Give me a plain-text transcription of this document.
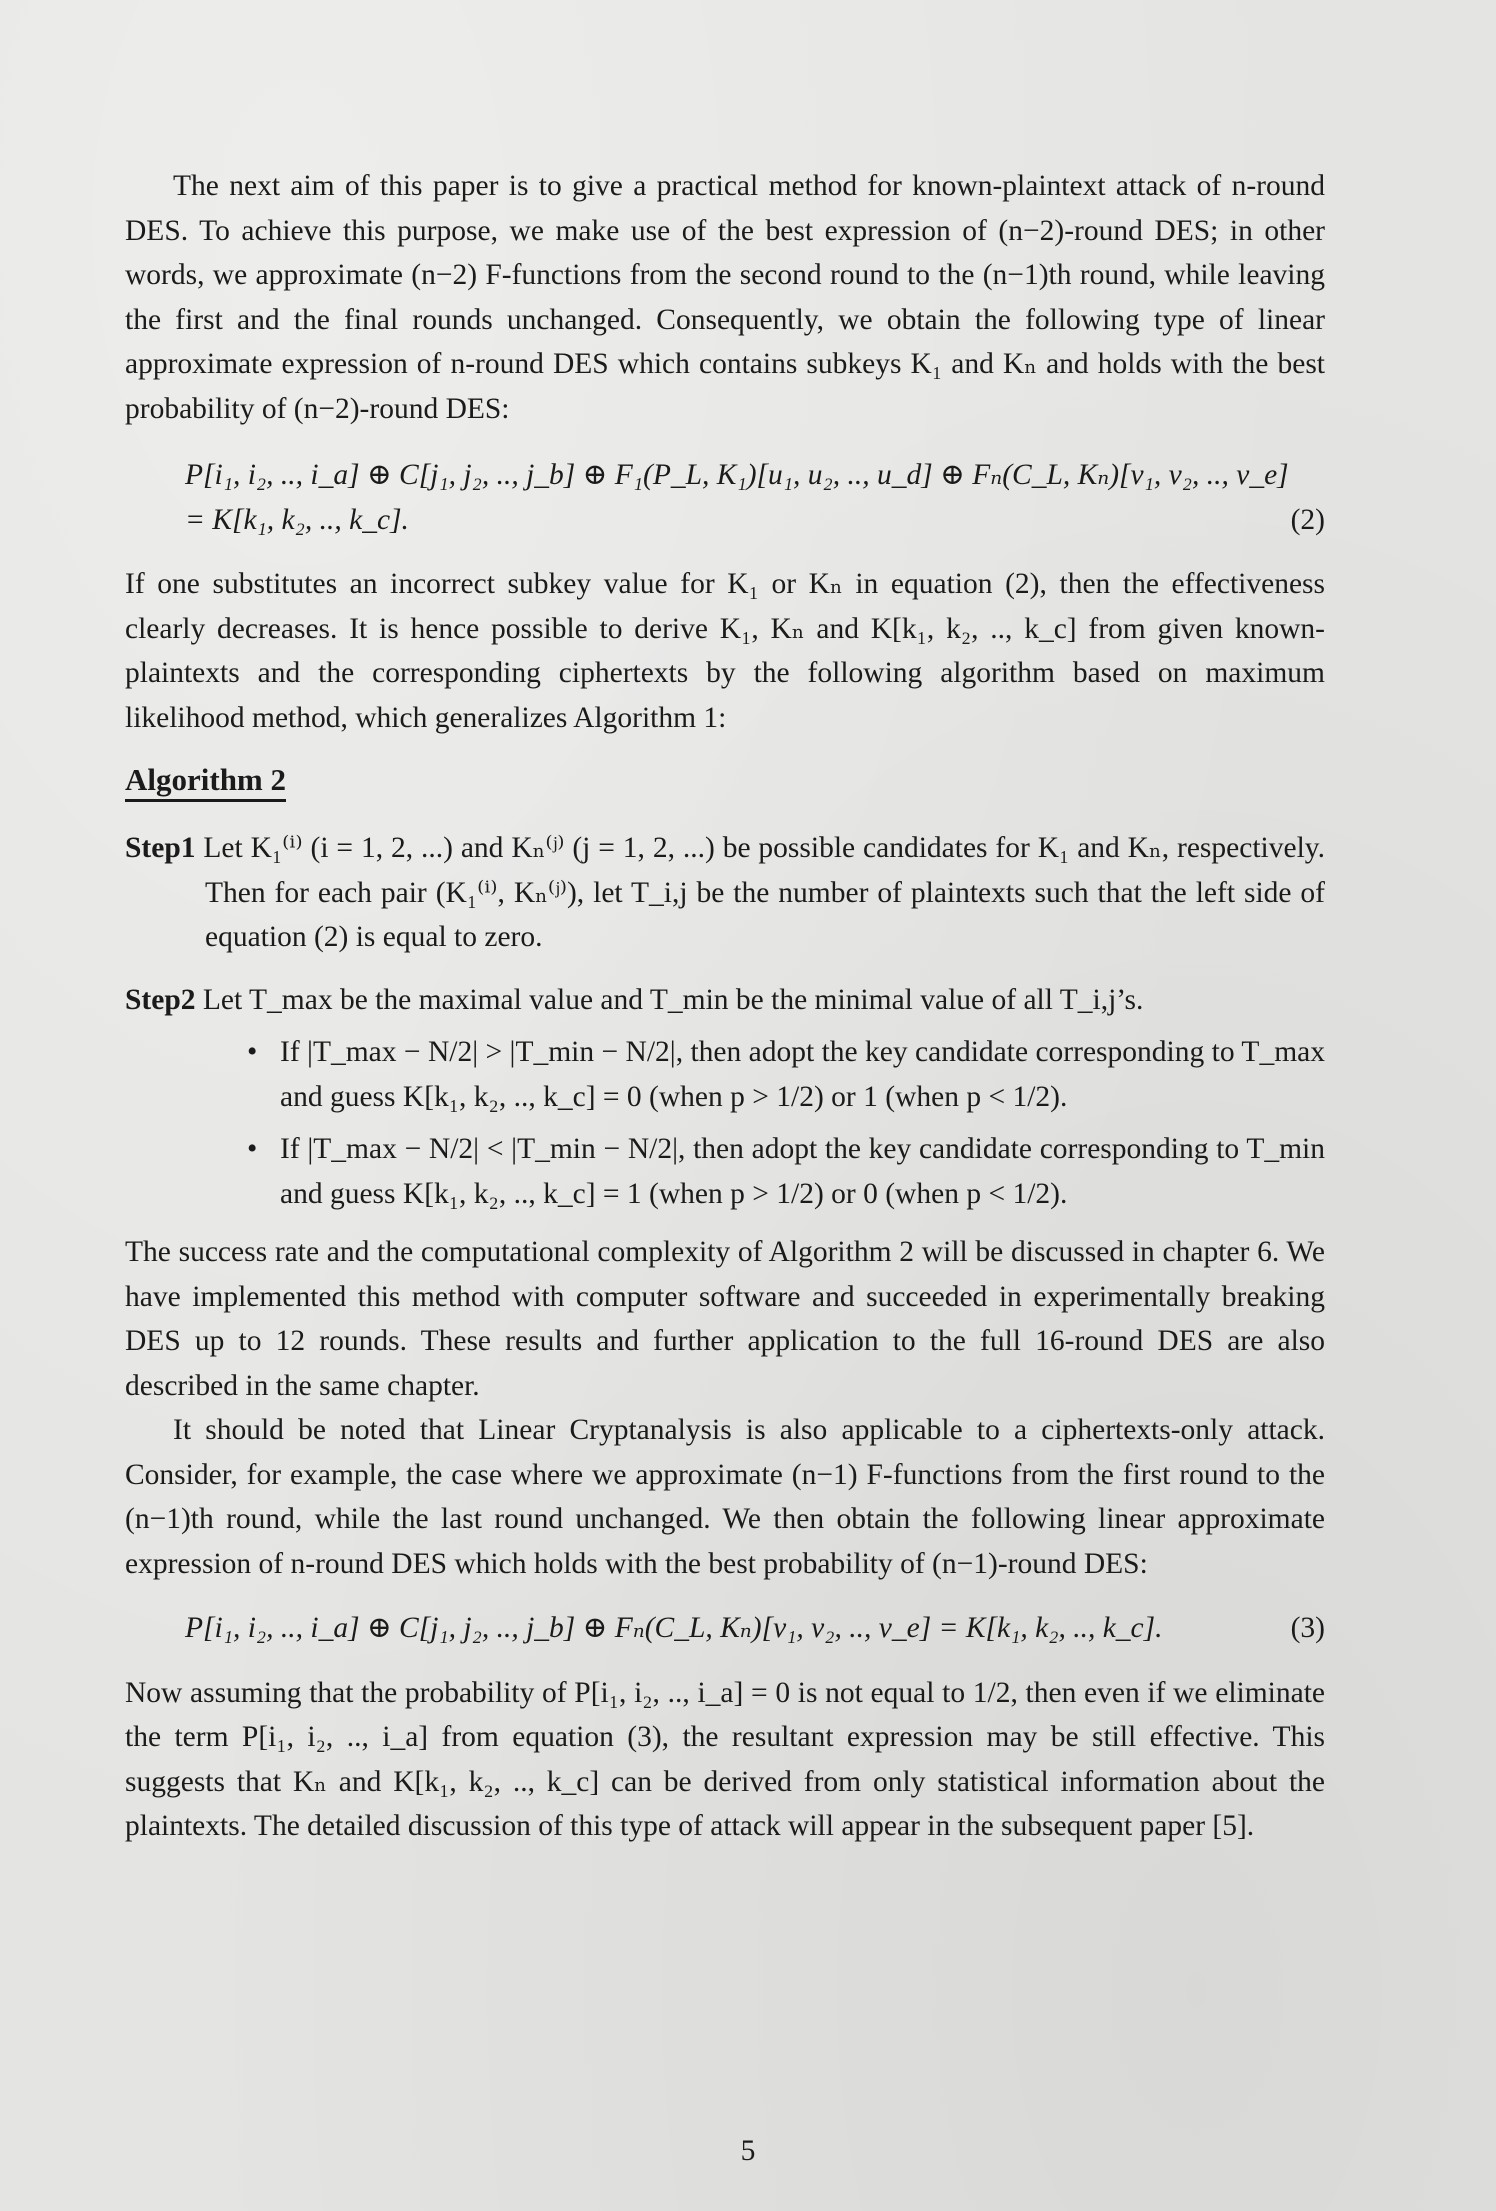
The next aim of this paper is to give a practical method for known-plaintext attack of n-round DES. To achieve this purpose, we make use of the best expression of (n−2)-round DES; in other words, we approximate (n−2) F-functions from the second round to the (n−1)th round, while leaving the first and the final rounds unchanged. Consequently, we obtain the following type of linear approximate expression of n-round DES which contains subkeys K₁ and Kₙ and holds with the best probability of (n−2)-round DES:

P[i₁, i₂, .., i_a] ⊕ C[j₁, j₂, .., j_b] ⊕ F₁(P_L, K₁)[u₁, u₂, .., u_d] ⊕ Fₙ(C_L, Kₙ)[v₁, v₂, .., v_e]
= K[k₁, k₂, .., k_c].	(2)

If one substitutes an incorrect subkey value for K₁ or Kₙ in equation (2), then the effectiveness clearly decreases. It is hence possible to derive K₁, Kₙ and K[k₁, k₂, .., k_c] from given known-plaintexts and the corresponding ciphertexts by the following algorithm based on maximum likelihood method, which generalizes Algorithm 1:

Algorithm 2

Step1 Let K₁⁽ⁱ⁾ (i = 1, 2, ...) and Kₙ⁽ʲ⁾ (j = 1, 2, ...) be possible candidates for K₁ and Kₙ, respectively. Then for each pair (K₁⁽ⁱ⁾, Kₙ⁽ʲ⁾), let T_i,j be the number of plaintexts such that the left side of equation (2) is equal to zero.

Step2 Let T_max be the maximal value and T_min be the minimal value of all T_i,j’s.

• If |T_max − N/2| > |T_min − N/2|, then adopt the key candidate corresponding to T_max and guess K[k₁, k₂, .., k_c] = 0 (when p > 1/2) or 1 (when p < 1/2).
• If |T_max − N/2| < |T_min − N/2|, then adopt the key candidate corresponding to T_min and guess K[k₁, k₂, .., k_c] = 1 (when p > 1/2) or 0 (when p < 1/2).

The success rate and the computational complexity of Algorithm 2 will be discussed in chapter 6. We have implemented this method with computer software and succeeded in experimentally breaking DES up to 12 rounds. These results and further application to the full 16-round DES are also described in the same chapter.

It should be noted that Linear Cryptanalysis is also applicable to a ciphertexts-only attack. Consider, for example, the case where we approximate (n−1) F-functions from the first round to the (n−1)th round, while the last round unchanged. We then obtain the following linear approximate expression of n-round DES which holds with the best probability of (n−1)-round DES:

P[i₁, i₂, .., i_a] ⊕ C[j₁, j₂, .., j_b] ⊕ Fₙ(C_L, Kₙ)[v₁, v₂, .., v_e] = K[k₁, k₂, .., k_c].	(3)

Now assuming that the probability of P[i₁, i₂, .., i_a] = 0 is not equal to 1/2, then even if we eliminate the term P[i₁, i₂, .., i_a] from equation (3), the resultant expression may be still effective. This suggests that Kₙ and K[k₁, k₂, .., k_c] can be derived from only statistical information about the plaintexts. The detailed discussion of this type of attack will appear in the subsequent paper [5].

5
